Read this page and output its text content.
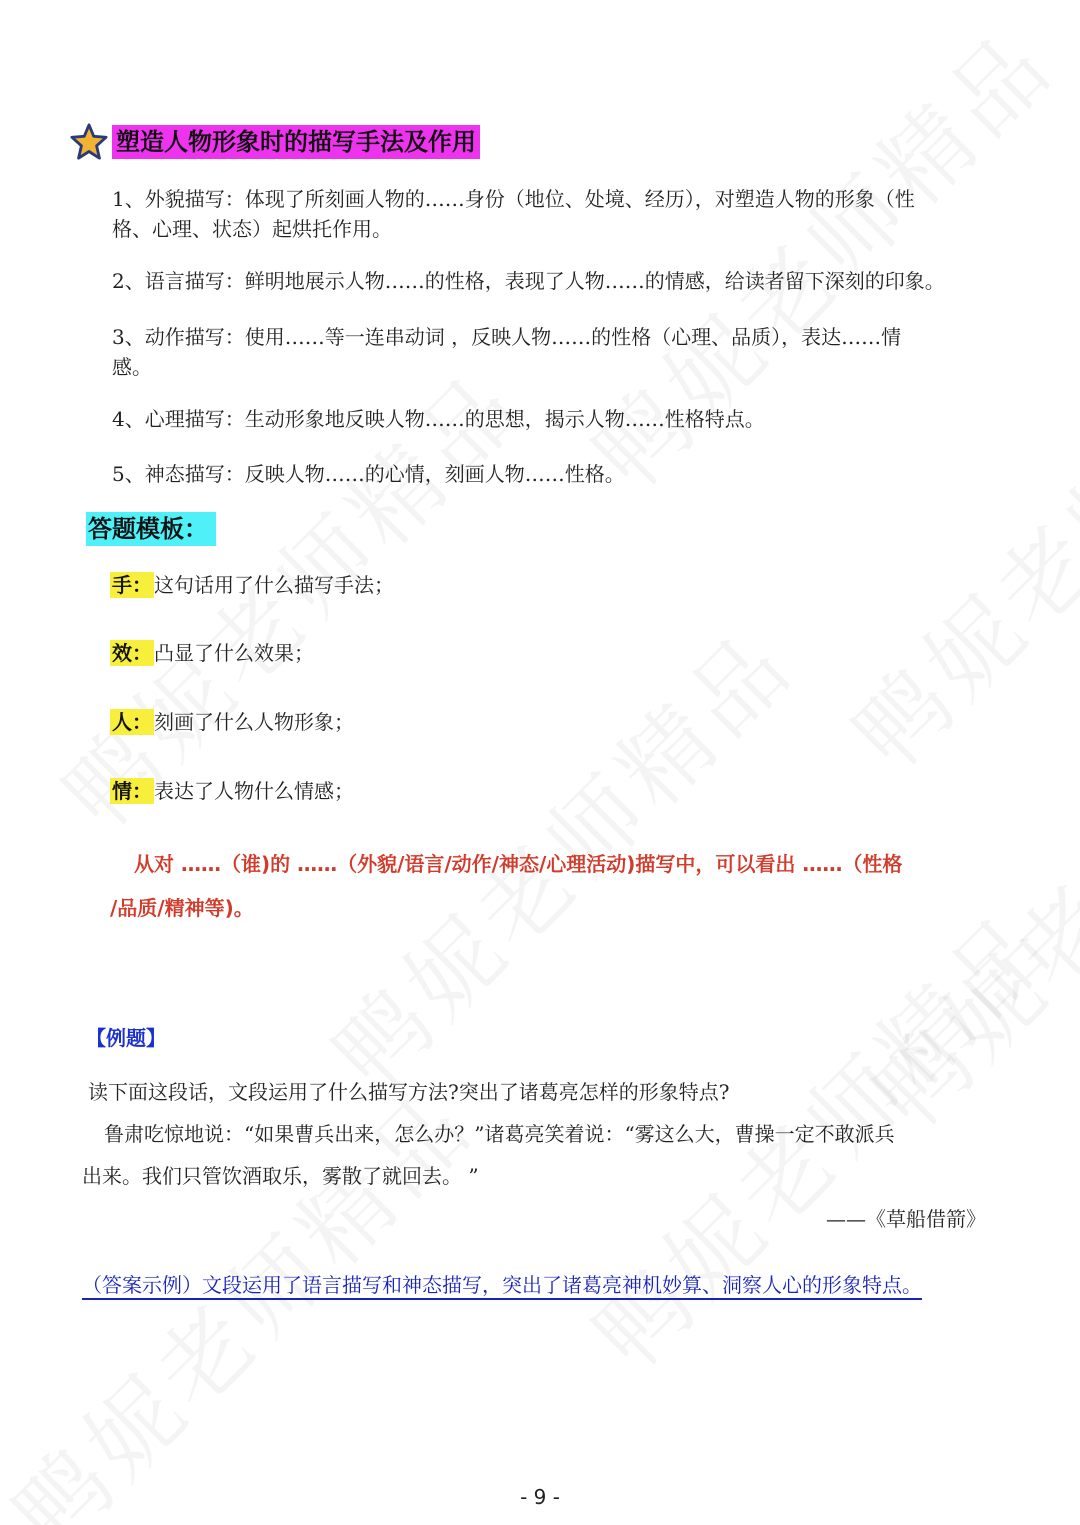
塑造人物形象时的描写手法及作用
1、外貌描写：体现了所刻画人物的……身份（地位、处境、经历），对塑造人物的形象（性
格、心理、状态）起烘托作用。
2、语言描写：鲜明地展示人物……的性格，表现了人物……的情感，给读者留下深刻的印象。
3、动作描写：使用……等一连串动词 ，反映人物……的性格（心理、品质），表达……情
感。
4、心理描写：生动形象地反映人物……的思想，揭示人物……性格特点。
5、神态描写：反映人物……的心情，刻画人物……性格。
答题模板：
手： 这句话用了什么描写手法；
效： 凸显了什么效果；
人： 刻画了什么人物形象；
情： 表达了人物什么情感；
从对 ……（谁)的 ……（外貌/语言/动作/神态/心理活动)描写中，可以看出 ……（性格
/品质/精神等)。
【例题】
读下面这段话，文段运用了什么描写方法?突出了诸葛亮怎样的形象特点?
鲁肃吃惊地说：“如果曹兵出来，怎么办？”诸葛亮笑着说：“雾这么大，曹操一定不敢派兵
出来。我们只管饮酒取乐，雾散了就回去。 ”
——《草船借箭》
（答案示例）文段运用了语言描写和神态描写，突出了诸葛亮神机妙算、洞察人心的形象特点。
- 9 -
